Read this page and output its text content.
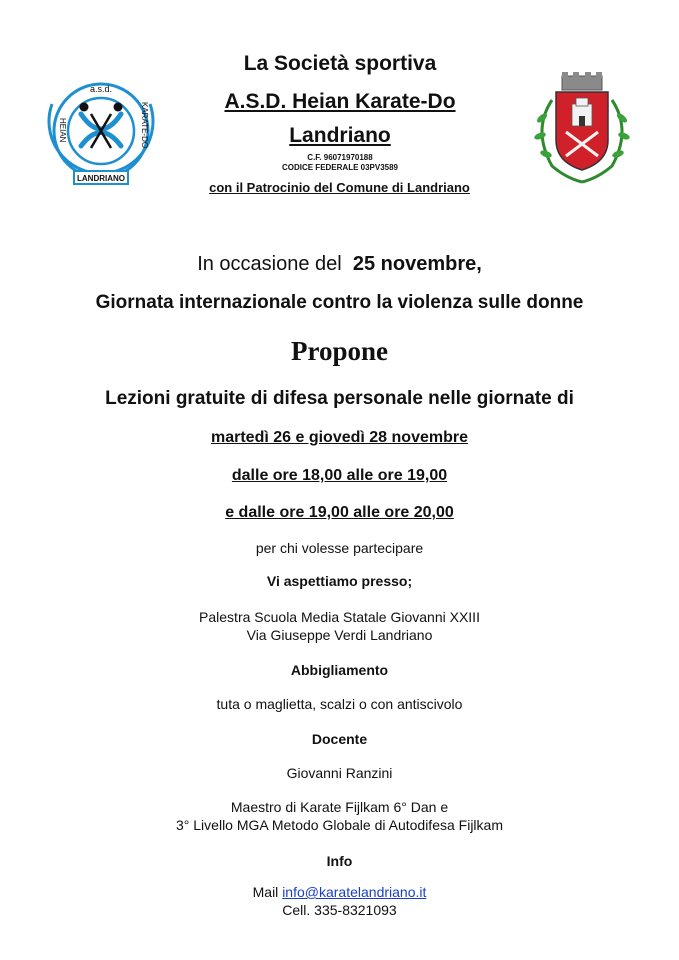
a.s.d.
HEIAN	KARATE-DO
LANDRIANO
La Società sportiva
A.S.D. Heian Karate-Do
Landriano
C.F. 96071970188
CODICE FEDERALE 03PV3589
con il Patrocinio del Comune di Landriano
In occasione del 25 novembre,
Giornata internazionale contro la violenza sulle donne
Propone
Lezioni gratuite di difesa personale nelle giornate di
martedì 26 e giovedì 28 novembre
dalle ore 18,00 alle ore 19,00
e dalle ore 19,00 alle ore 20,00
per chi volesse partecipare
Vi aspettiamo presso;
Palestra Scuola Media Statale Giovanni XXIII
Via Giuseppe Verdi Landriano
Abbigliamento
tuta o maglietta, scalzi o con antiscivolo
Docente
Giovanni Ranzini
Maestro di Karate Fijlkam 6° Dan e
3° Livello MGA Metodo Globale di Autodifesa Fijlkam
Info
Mail info@karatelandriano.it
Cell. 335-8321093
